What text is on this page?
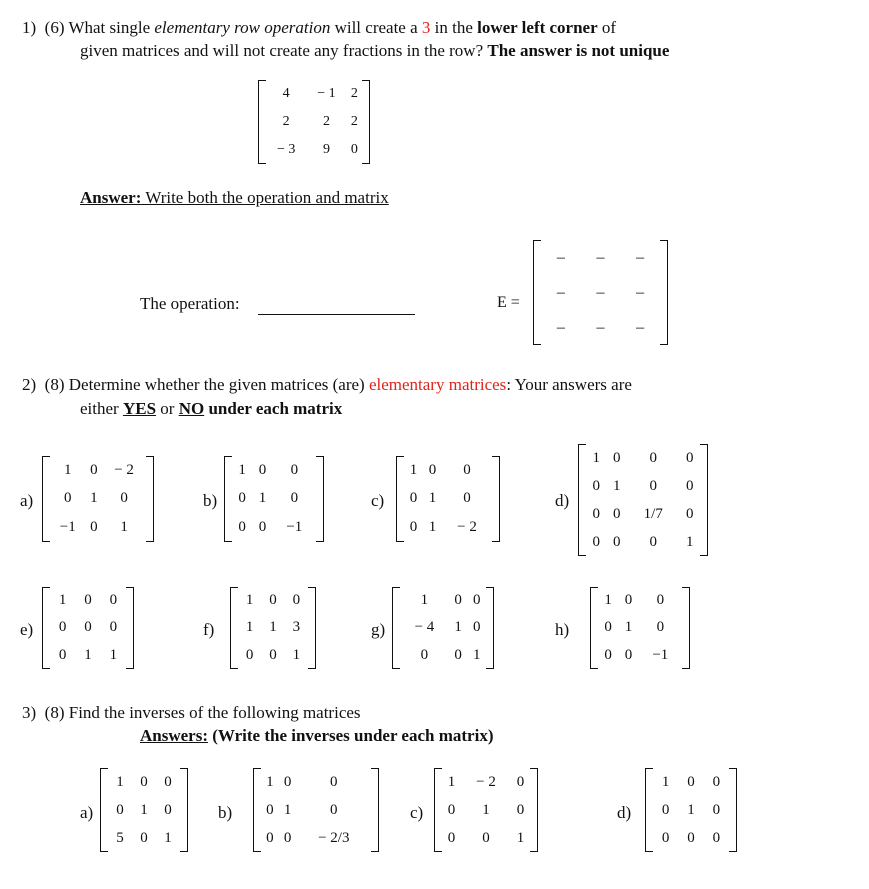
1) (6) What single elementary row operation will create a 3 in the lower left corner of
given matrices and will not create any fractions in the row? The answer is not unique
4	− 1	2
2	2	2
− 3	9	0
Answer: Write both the operation and matrix
The operation:	E =
–	–	–
–	–	–
–	–	–
2) (8) Determine whether the given matrices (are) elementary matrices: Your answers are
either YES or NO under each matrix
a)
1	0	− 2
0	1	0
−1	0	1
b)
1	0	0
0	1	0
0	0	−1
c)
1	0	0
0	1	0
0	1	− 2
d)
1	0	0	0
0	1	0	0
0	0	1/7	0
0	0	0	1
e)
1	0	0
0	0	0
0	1	1
f)
1	0	0
1	1	3
0	0	1
g)
1	0	0
− 4	1	0
0	0	1
h)
1	0	0
0	1	0
0	0	−1
3) (8) Find the inverses of the following matrices
Answers: (Write the inverses under each matrix)
a)
1	0	0
0	1	0
5	0	1
b)
1	0	0
0	1	0
0	0	− 2/3
c)
1	− 2	0
0	1	0
0	0	1
d)
1	0	0
0	1	0
0	0	0
